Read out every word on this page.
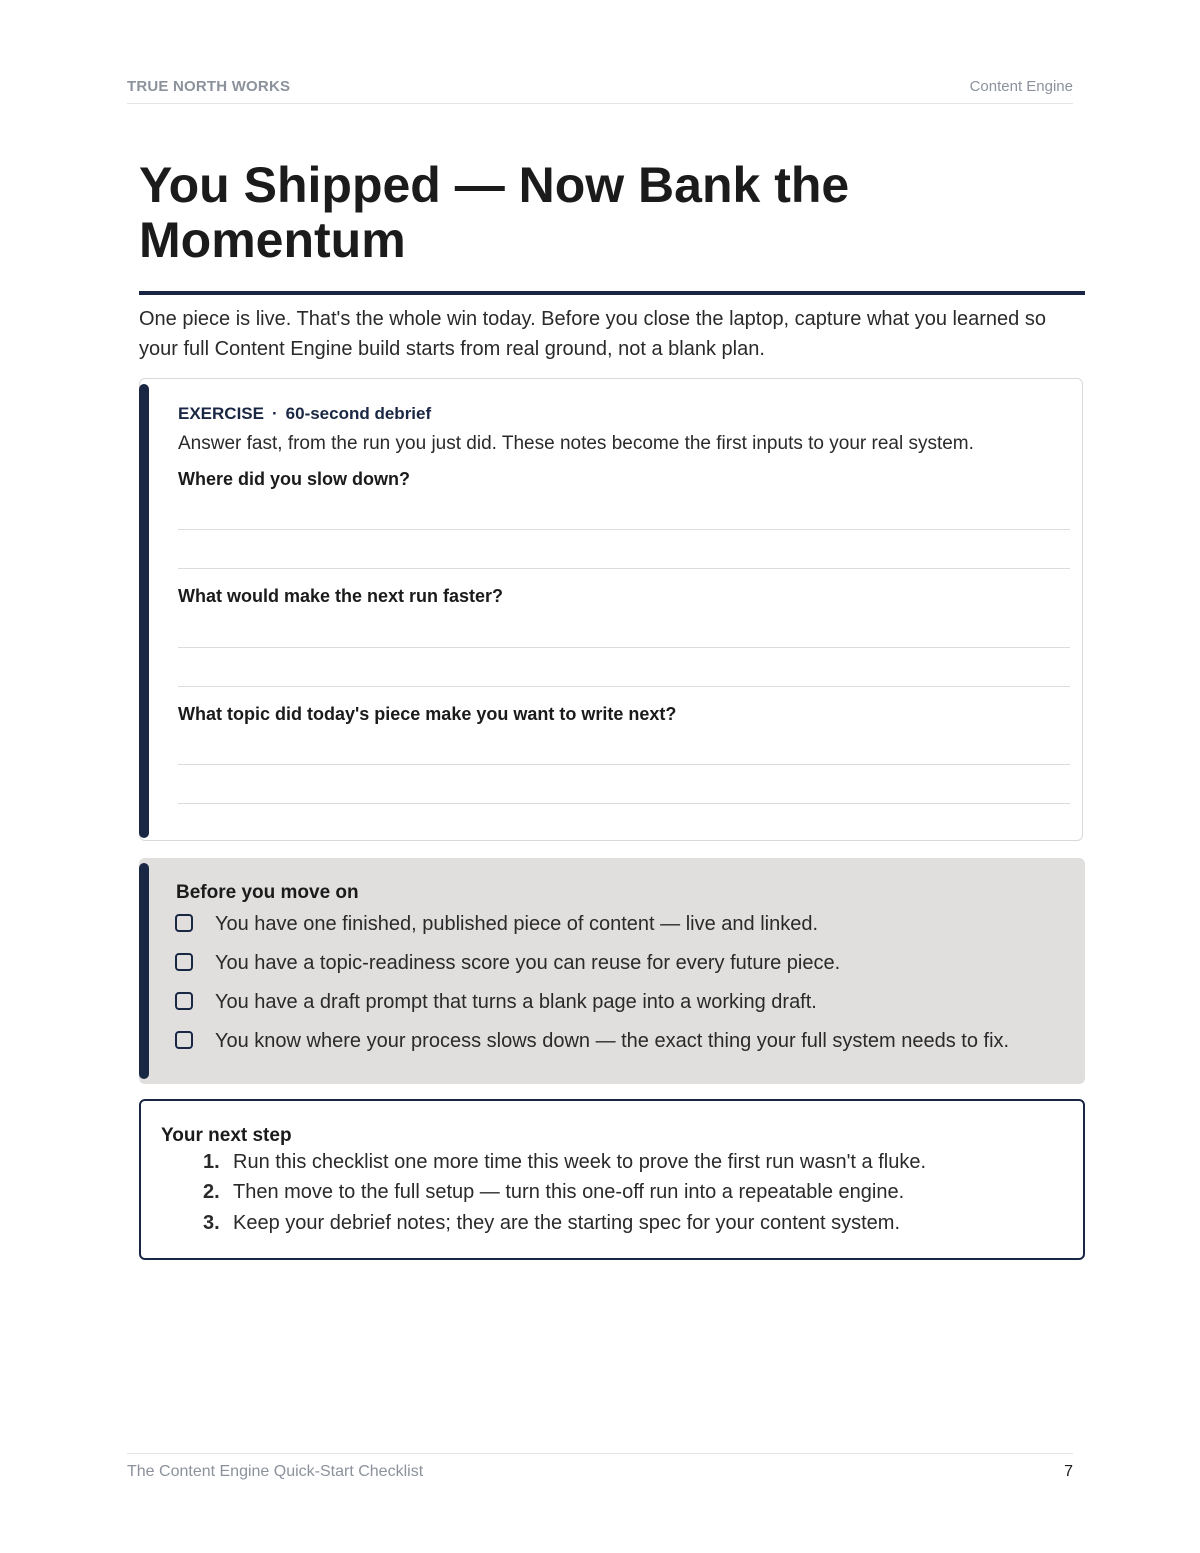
TRUE NORTH WORKS	Content Engine
You Shipped — Now Bank the Momentum
One piece is live. That's the whole win today. Before you close the laptop, capture what you learned so your full Content Engine build starts from real ground, not a blank plan.
EXERCISE · 60-second debrief
Answer fast, from the run you just did. These notes become the first inputs to your real system.
Where did you slow down?
What would make the next run faster?
What topic did today's piece make you want to write next?
Before you move on
You have one finished, published piece of content — live and linked.
You have a topic-readiness score you can reuse for every future piece.
You have a draft prompt that turns a blank page into a working draft.
You know where your process slows down — the exact thing your full system needs to fix.
Your next step
1. Run this checklist one more time this week to prove the first run wasn't a fluke.
2. Then move to the full setup — turn this one-off run into a repeatable engine.
3. Keep your debrief notes; they are the starting spec for your content system.
The Content Engine Quick-Start Checklist	7
